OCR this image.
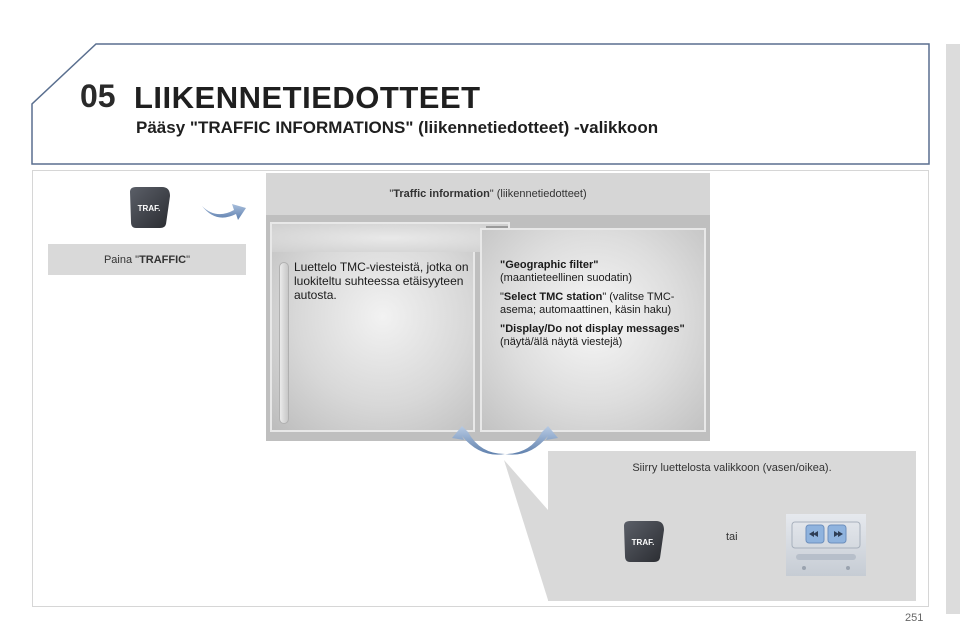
05 LIIKENNETIEDOTTEET
Pääsy "TRAFFIC INFORMATIONS" (liikennetiedotteet) -valikkoon
TRAF.
Paina " TRAFFIC "
" Traffic information " (liikennetiedotteet)
Luettelo TMC-viesteistä, jotka on luokiteltu suhteessa etäisyyteen autosta.

"Geographic filter"
(maantieteellinen suodatin)

"Select TMC station" (valitse TMC-asema; automaattinen, käsin haku)

"Display/Do not display messages" (näytä/älä näytä viestejä)

Siirry luettelosta valikkoon (vasen/oikea).
TRAF.	tai
251
